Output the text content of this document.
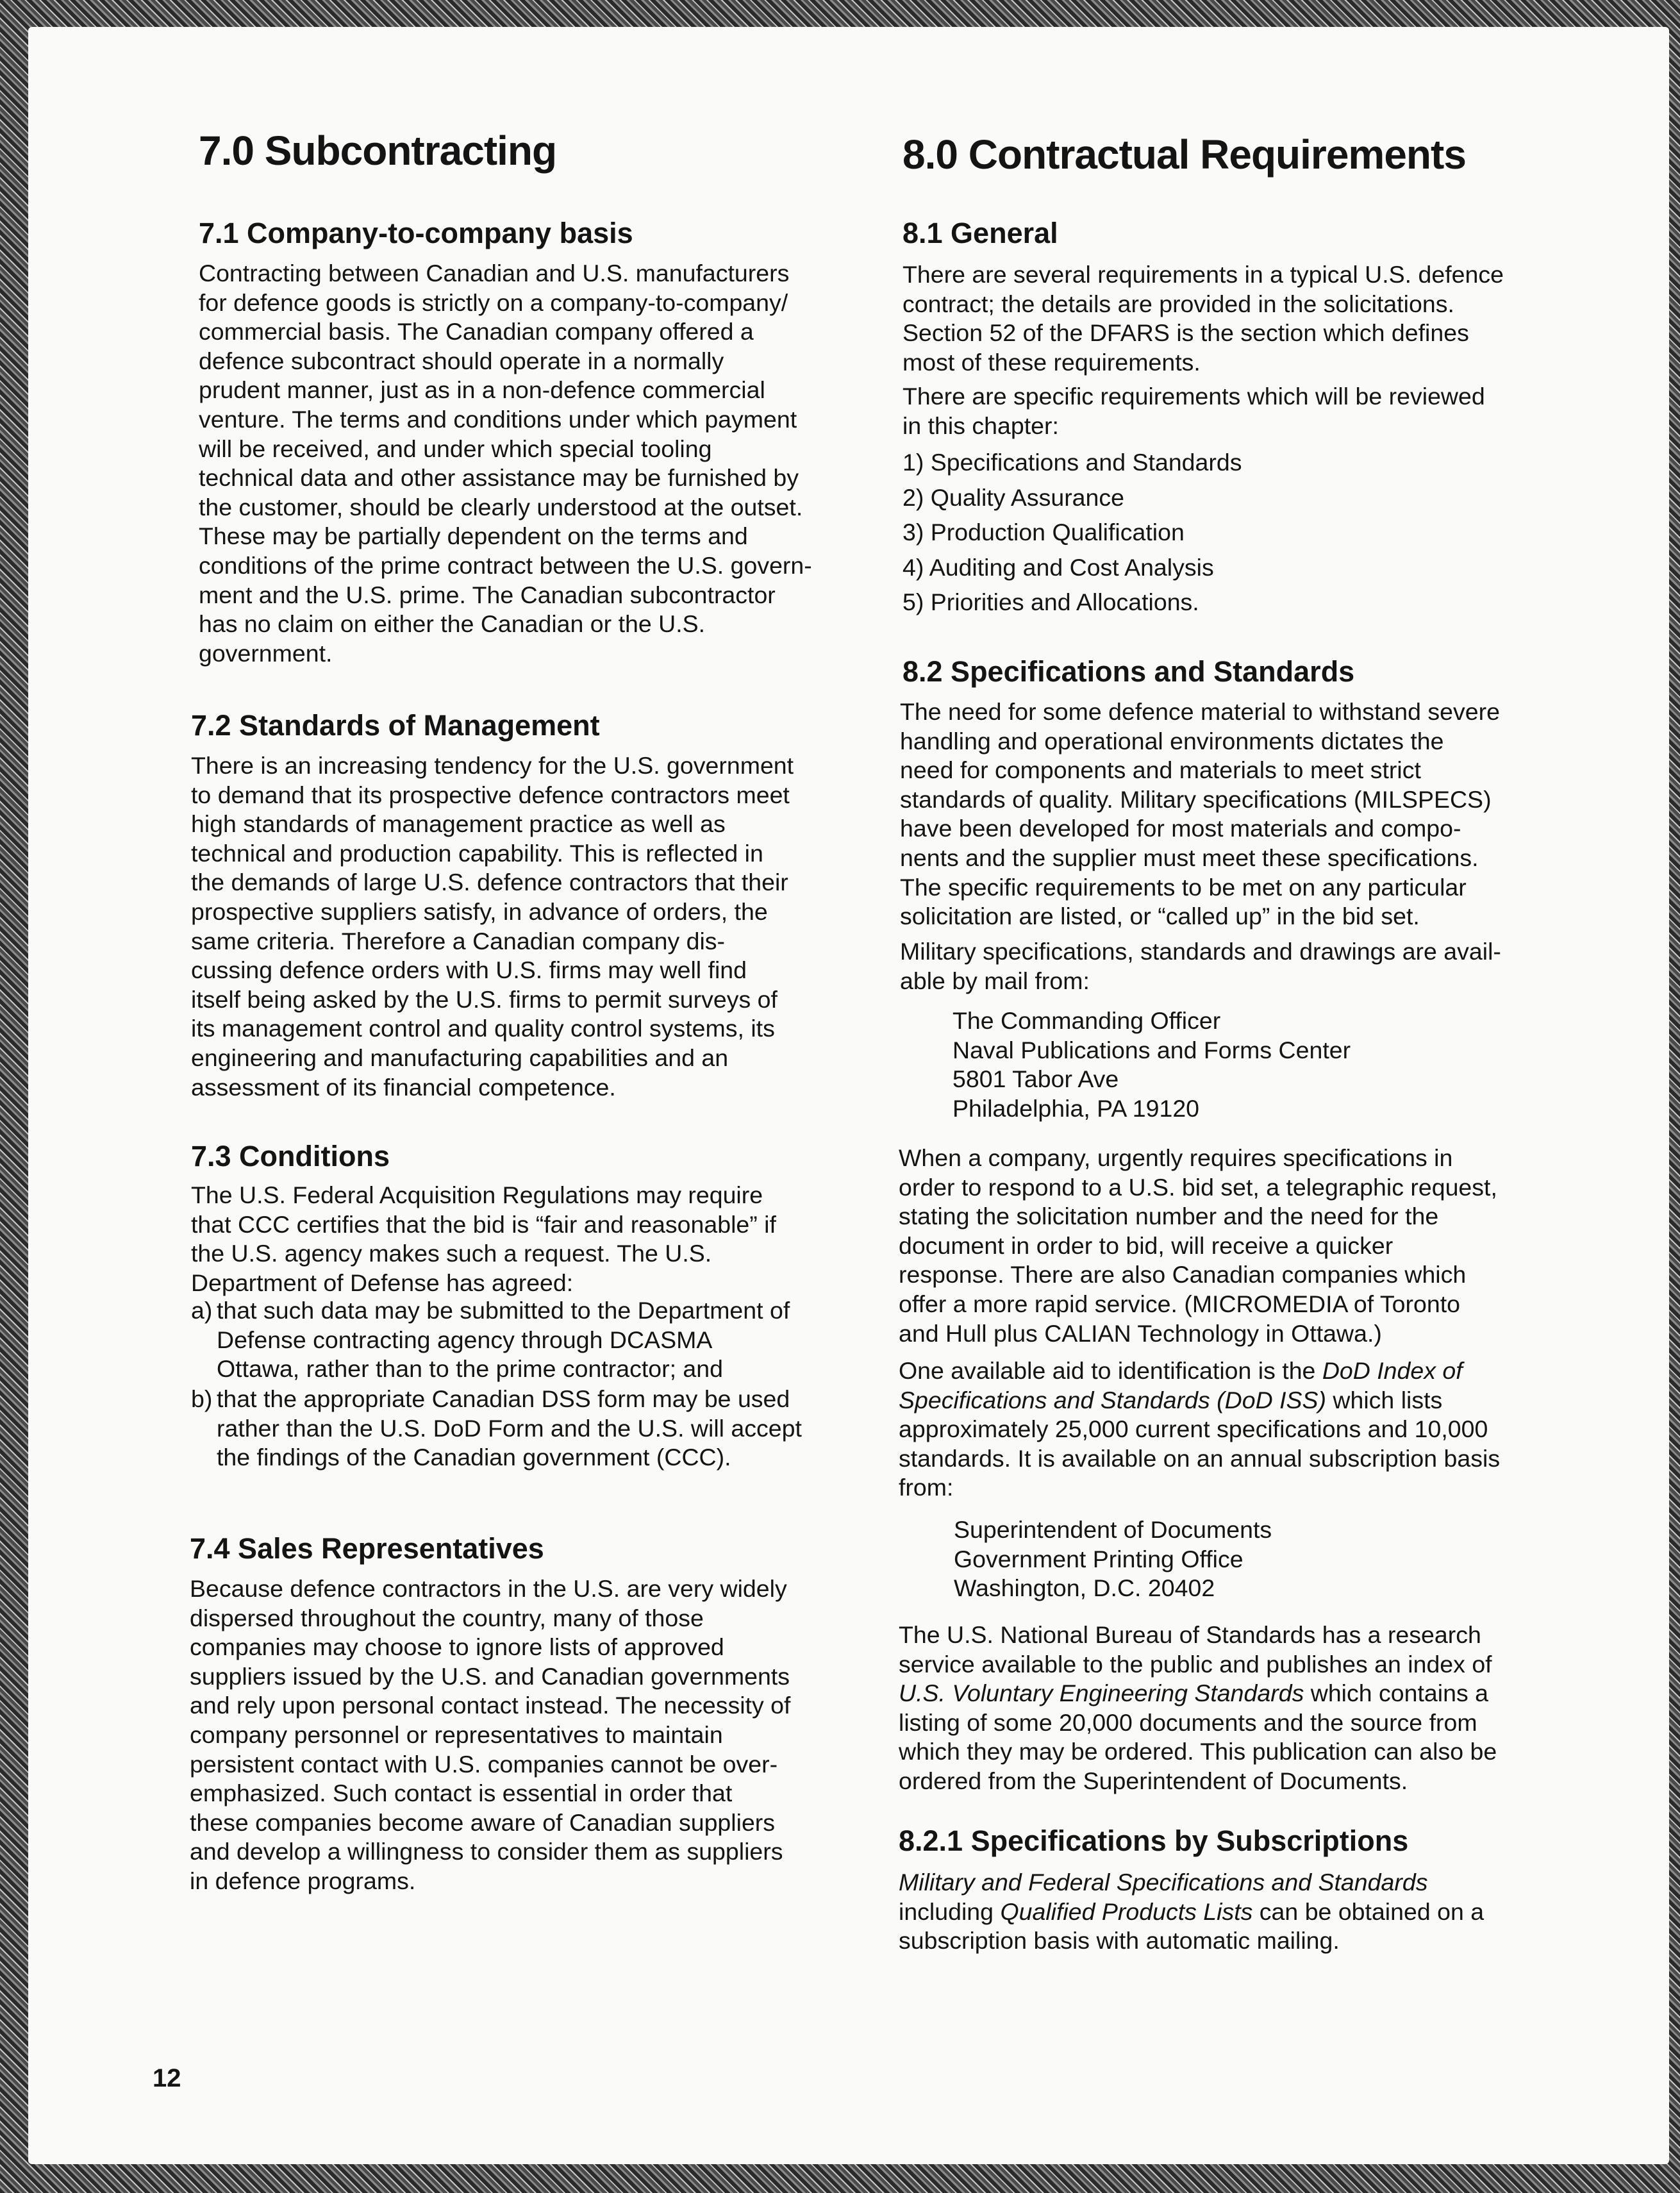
7.0 Subcontracting
7.1 Company-to-company basis
Contracting between Canadian and U.S. manufacturers
for defence goods is strictly on a company-to-company/
commercial basis. The Canadian company offered a
defence subcontract should operate in a normally
prudent manner, just as in a non-defence commercial
venture. The terms and conditions under which payment
will be received, and under which special tooling
technical data and other assistance may be furnished by
the customer, should be clearly understood at the outset.
These may be partially dependent on the terms and
conditions of the prime contract between the U.S. govern-
ment and the U.S. prime. The Canadian subcontractor
has no claim on either the Canadian or the U.S.
government.
7.2 Standards of Management
There is an increasing tendency for the U.S. government
to demand that its prospective defence contractors meet
high standards of management practice as well as
technical and production capability. This is reflected in
the demands of large U.S. defence contractors that their
prospective suppliers satisfy, in advance of orders, the
same criteria. Therefore a Canadian company dis-
cussing defence orders with U.S. firms may well find
itself being asked by the U.S. firms to permit surveys of
its management control and quality control systems, its
engineering and manufacturing capabilities and an
assessment of its financial competence.
7.3 Conditions
The U.S. Federal Acquisition Regulations may require
that CCC certifies that the bid is “fair and reasonable” if
the U.S. agency makes such a request. The U.S.
Department of Defense has agreed:
a) that such data may be submitted to the Department of
Defense contracting agency through DCASMA
Ottawa, rather than to the prime contractor; and
b) that the appropriate Canadian DSS form may be used
rather than the U.S. DoD Form and the U.S. will accept
the findings of the Canadian government (CCC).
7.4 Sales Representatives
Because defence contractors in the U.S. are very widely
dispersed throughout the country, many of those
companies may choose to ignore lists of approved
suppliers issued by the U.S. and Canadian governments
and rely upon personal contact instead. The necessity of
company personnel or representatives to maintain
persistent contact with U.S. companies cannot be over-
emphasized. Such contact is essential in order that
these companies become aware of Canadian suppliers
and develop a willingness to consider them as suppliers
in defence programs.
8.0 Contractual Requirements
8.1 General
There are several requirements in a typical U.S. defence
contract; the details are provided in the solicitations.
Section 52 of the DFARS is the section which defines
most of these requirements.
There are specific requirements which will be reviewed
in this chapter:
1) Specifications and Standards
2) Quality Assurance
3) Production Qualification
4) Auditing and Cost Analysis
5) Priorities and Allocations.
8.2 Specifications and Standards
The need for some defence material to withstand severe
handling and operational environments dictates the
need for components and materials to meet strict
standards of quality. Military specifications (MILSPECS)
have been developed for most materials and compo-
nents and the supplier must meet these specifications.
The specific requirements to be met on any particular
solicitation are listed, or “called up” in the bid set.
Military specifications, standards and drawings are avail-
able by mail from:
The Commanding Officer
Naval Publications and Forms Center
5801 Tabor Ave
Philadelphia, PA 19120
When a company, urgently requires specifications in
order to respond to a U.S. bid set, a telegraphic request,
stating the solicitation number and the need for the
document in order to bid, will receive a quicker
response. There are also Canadian companies which
offer a more rapid service. (MICROMEDIA of Toronto
and Hull plus CALIAN Technology in Ottawa.)
One available aid to identification is the DoD Index of
Specifications and Standards (DoD ISS) which lists
approximately 25,000 current specifications and 10,000
standards. It is available on an annual subscription basis
from:
Superintendent of Documents
Government Printing Office
Washington, D.C. 20402
The U.S. National Bureau of Standards has a research
service available to the public and publishes an index of
U.S. Voluntary Engineering Standards which contains a
listing of some 20,000 documents and the source from
which they may be ordered. This publication can also be
ordered from the Superintendent of Documents.
8.2.1 Specifications by Subscriptions
Military and Federal Specifications and Standards
including Qualified Products Lists can be obtained on a
subscription basis with automatic mailing.
12
